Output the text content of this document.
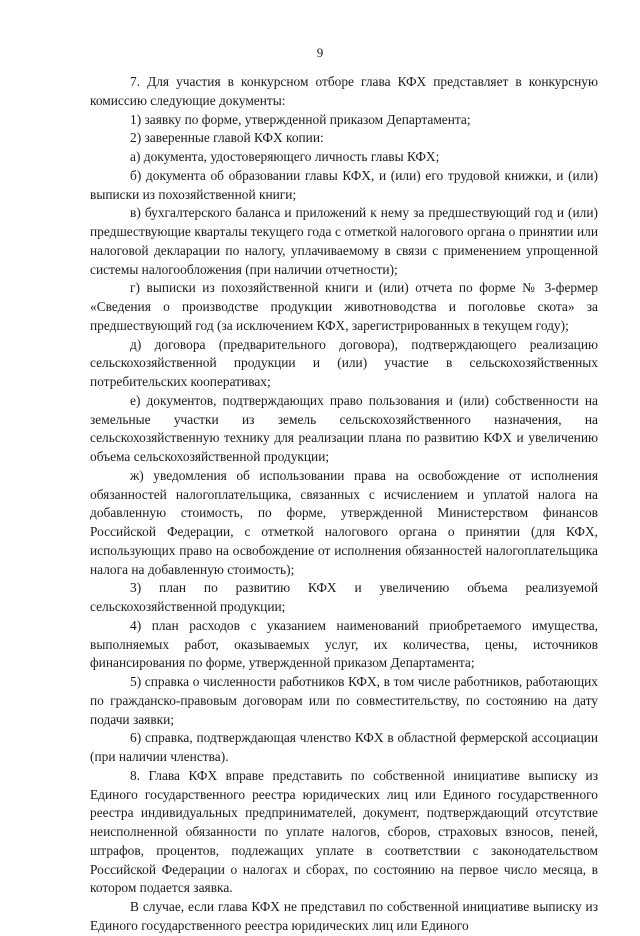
9

7. Для участия в конкурсном отборе глава КФХ представляет в конкурсную комиссию следующие документы:

1) заявку по форме, утвержденной приказом Департамента;

2) заверенные главой КФХ копии:

а) документа, удостоверяющего личность главы КФХ;

б) документа об образовании главы КФХ, и (или) его трудовой книжки, и (или) выписки из похозяйственной книги;

в) бухгалтерского баланса и приложений к нему за предшествующий год и (или) предшествующие кварталы текущего года с отметкой налогового органа о принятии или налоговой декларации по налогу, уплачиваемому в связи с применением упрощенной системы налогообложения (при наличии отчетности);

г) выписки из похозяйственной книги и (или) отчета по форме № 3-фермер «Сведения о производстве продукции животноводства и поголовье скота» за предшествующий год (за исключением КФХ, зарегистрированных в текущем году);

д) договора (предварительного договора), подтверждающего реализацию сельскохозяйственной продукции и (или) участие в сельскохозяйственных потребительских кооперативах;

е) документов, подтверждающих право пользования и (или) собственности на земельные участки из земель сельскохозяйственного назначения, на сельскохозяйственную технику для реализации плана по развитию КФХ и увеличению объема сельскохозяйственной продукции;

ж) уведомления об использовании права на освобождение от исполнения обязанностей налогоплательщика, связанных с исчислением и уплатой налога на добавленную стоимость, по форме, утвержденной Министерством финансов Российской Федерации, с отметкой налогового органа о принятии (для КФХ, использующих право на освобождение от исполнения обязанностей налогоплательщика налога на добавленную стоимость);

3) план по развитию КФХ и увеличению объема реализуемой сельскохозяйственной продукции;

4) план расходов с указанием наименований приобретаемого имущества, выполняемых работ, оказываемых услуг, их количества, цены, источников финансирования по форме, утвержденной приказом Департамента;

5) справка о численности работников КФХ, в том числе работников, работающих по гражданско-правовым договорам или по совместительству, по состоянию на дату подачи заявки;

6) справка, подтверждающая членство КФХ в областной фермерской ассоциации (при наличии членства).

8. Глава КФХ вправе представить по собственной инициативе выписку из Единого государственного реестра юридических лиц или Единого государственного реестра индивидуальных предпринимателей, документ, подтверждающий отсутствие неисполненной обязанности по уплате налогов, сборов, страховых взносов, пеней, штрафов, процентов, подлежащих уплате в соответствии с законодательством Российской Федерации о налогах и сборах, по состоянию на первое число месяца, в котором подается заявка.

В случае, если глава КФХ не представил по собственной инициативе выписку из Единого государственного реестра юридических лиц или Единого
